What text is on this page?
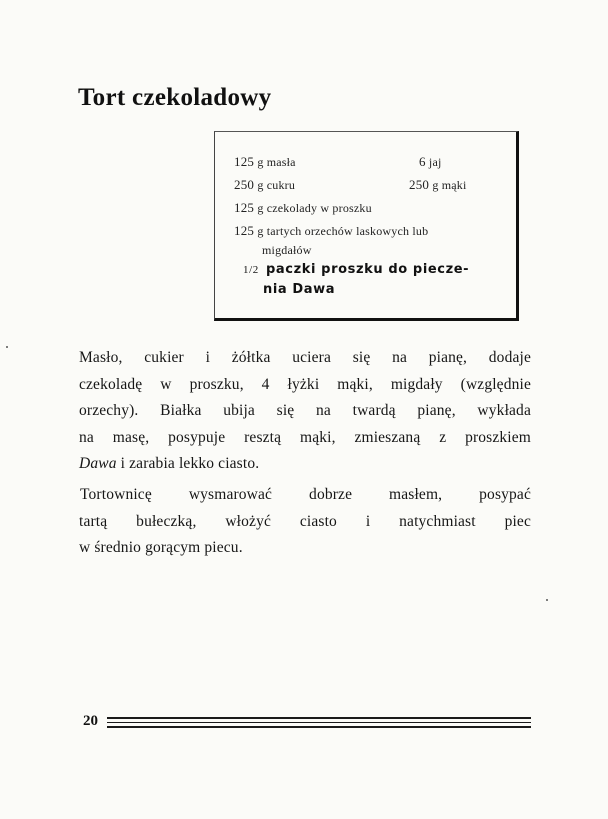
Tort czekoladowy
125 g masła
250 g cukru
125 g czekolady w proszku
125 g tartych orzechów laskowych lub
migdałów
6 jaj
250 g mąki
1/2 paczki proszku do piecze-
nia Dawa
Masło, cukier i żółtka uciera się na pianę, dodaje
czekoladę w proszku, 4 łyżki mąki, migdały (względnie
orzechy). Białka ubija się na twardą pianę, wykłada
na masę, posypuje resztą mąki, zmieszaną z proszkiem
Dawa i zarabia lekko ciasto.
Tortownicę wysmarować dobrze masłem, posypać
tartą bułeczką, włożyć ciasto i natychmiast piec
w średnio gorącym piecu.
20
